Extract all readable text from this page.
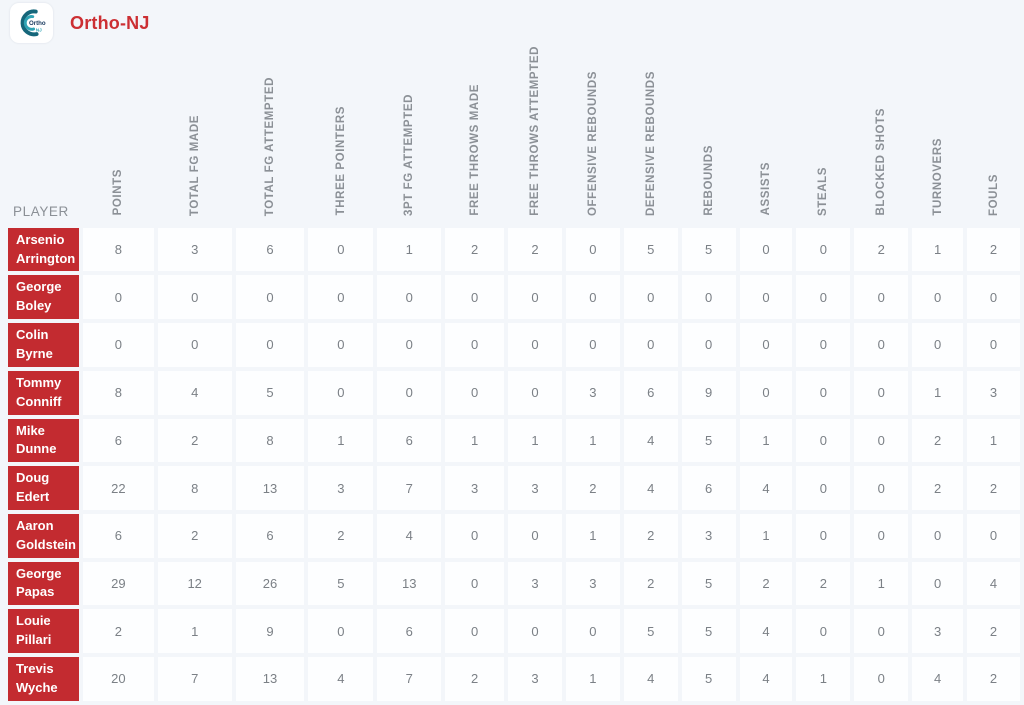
Ortho
NJ Ortho-NJ
PLAYER	POINTS	TOTAL FG MADE	TOTAL FG ATTEMPTED	THREE POINTERS	3PT FG ATTEMPTED	FREE THROWS MADE	FREE THROWS ATTEMPTED	OFFENSIVE REBOUNDS	DEFENSIVE REBOUNDS	REBOUNDS	ASSISTS	STEALS	BLOCKED SHOTS	TURNOVERS	FOULS
Arsenio Arrington	8	3	6	0	1	2	2	0	5	5	0	0	2	1	2
George Boley	0	0	0	0	0	0	0	0	0	0	0	0	0	0	0
Colin Byrne	0	0	0	0	0	0	0	0	0	0	0	0	0	0	0
Tommy Conniff	8	4	5	0	0	0	0	3	6	9	0	0	0	1	3
Mike Dunne	6	2	8	1	6	1	1	1	4	5	1	0	0	2	1
Doug Edert	22	8	13	3	7	3	3	2	4	6	4	0	0	2	2
Aaron Goldstein	6	2	6	2	4	0	0	1	2	3	1	0	0	0	0
George Papas	29	12	26	5	13	0	3	3	2	5	2	2	1	0	4
Louie Pillari	2	1	9	0	6	0	0	0	5	5	4	0	0	3	2
Trevis Wyche	20	7	13	4	7	2	3	1	4	5	4	1	0	4	2
